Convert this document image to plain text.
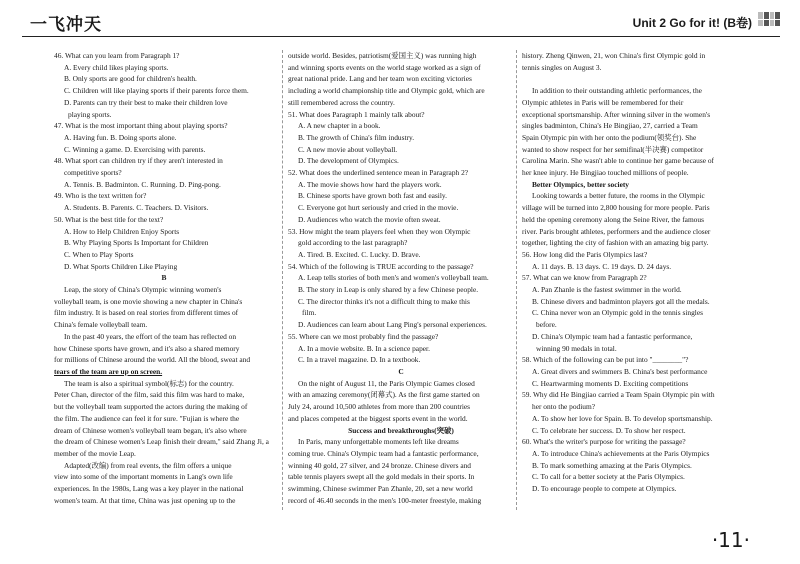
一飞冲天	Unit 2 Go for it! (B卷)
46. What can you learn from Paragraph 1?
A. Every child likes playing sports.
B. Only sports are good for children's health.
C. Children will like playing sports if their parents force them.
D. Parents can try their best to make their children love
playing sports.
47. What is the most important thing about playing sports?
A. Having fun. B. Doing sports alone.
C. Winning a game. D. Exercising with parents.
48. What sport can children try if they aren't interested in
competitive sports?
A. Tennis. B. Badminton. C. Running. D. Ping-pong.
49. Who is the text written for?
A. Students. B. Parents. C. Teachers. D. Visitors.
50. What is the best title for the text?
A. How to Help Children Enjoy Sports
B. Why Playing Sports Is Important for Children
C. When to Play Sports
D. What Sports Children Like Playing
B
Leap, the story of China's Olympic winning women's
volleyball team, is one movie showing a new chapter in China's
film industry. It is based on real stories from different times of
China's female volleyball team.
In the past 40 years, the effort of the team has reflected on
how Chinese sports have grown, and it's also a shared memory
for millions of Chinese around the world. All the blood, sweat and
tears of the team are up on screen.
The team is also a spiritual symbol(标志) for the country.
Peter Chan, director of the film, said this film was hard to make,
but the volleyball team supported the actors during the making of
the film. The audience can feel it for sure. "Fujian is where the
dream of Chinese women's volleyball team began, it's also where
the dream of Chinese women's Leap finish their dream," said Zhang Ji, a
member of the movie Leap.
Adapted(改编) from real events, the film offers a unique
view into some of the important moments in Lang's own life
experiences. In the 1980s, Lang was a key player in the national
women's team. At that time, China was just opening up to the
outside world. Besides, patriotism(爱国主义) was running high
and winning sports events on the world stage worked as a sign of
great national pride. Lang and her team won exciting victories
including a world championship title and Olympic gold, which are
still remembered across the country.
51. What does Paragraph 1 mainly talk about?
A. A new chapter in a book.
B. The growth of China's film industry.
C. A new movie about volleyball.
D. The development of Olympics.
52. What does the underlined sentence mean in Paragraph 2?
A. The movie shows how hard the players work.
B. Chinese sports have grown both fast and easily.
C. Everyone got hurt seriously and cried in the movie.
D. Audiences who watch the movie often sweat.
53. How might the team players feel when they won Olympic
gold according to the last paragraph?
A. Tired. B. Excited. C. Lucky. D. Brave.
54. Which of the following is TRUE according to the passage?
A. Leap tells stories of both men's and women's volleyball team.
B. The story in Leap is only shared by a few Chinese people.
C. The director thinks it's not a difficult thing to make this
film.
D. Audiences can learn about Lang Ping's personal experiences.
55. Where can we most probably find the passage?
A. In a movie website. B. In a science paper.
C. In a travel magazine. D. In a textbook.
C
On the night of August 11, the Paris Olympic Games closed
with an amazing ceremony(闭幕式). As the first game started on
July 24, around 10,500 athletes from more than 200 countries
and places competed at the biggest sports event in the world.
Success and breakthroughs(突破)
In Paris, many unforgettable moments left like dreams
coming true. China's Olympic team had a fantastic performance,
winning 40 gold, 27 silver, and 24 bronze. Chinese divers and
table tennis players swept all the gold medals in their sports. In
swimming, Chinese swimmer Pan Zhanle, 20, set a new world
record of 46.40 seconds in the men's 100-meter freestyle, making
history. Zheng Qinwen, 21, won China's first Olympic gold in
tennis singles on August 3.

In addition to their outstanding athletic performances, the
Olympic athletes in Paris will be remembered for their
exceptional sportsmanship. After winning silver in the women's
singles badminton, China's He Bingjiao, 27, carried a Team
Spain Olympic pin with her onto the podium(领奖台). She
wanted to show respect for her semifinal(半决赛) competitor
Carolina Marin. She wasn't able to continue her game because of
her knee injury. He Bingjiao touched millions of people.
Better Olympics, better society
Looking towards a better future, the rooms in the Olympic
village will be turned into 2,800 housing for more people. Paris
held the opening ceremony along the Seine River, the famous
river. Paris brought athletes, performers and the audience closer
together, lighting the city of fashion with an amazing big party.
56. How long did the Paris Olympics last?
A. 11 days. B. 13 days. C. 19 days. D. 24 days.
57. What can we know from Paragraph 2?
A. Pan Zhanle is the fastest swimmer in the world.
B. Chinese divers and badminton players got all the medals.
C. China never won an Olympic gold in the tennis singles
before.
D. China's Olympic team had a fantastic performance,
winning 90 medals in total.
58. Which of the following can be put into "________"?
A. Great divers and swimmers B. China's best performance
C. Heartwarming moments D. Exciting competitions
59. Why did He Bingjiao carried a Team Spain Olympic pin with
her onto the podium?
A. To show her love for Spain. B. To develop sportsmanship.
C. To celebrate her success. D. To show her respect.
60. What's the writer's purpose for writing the passage?
A. To introduce China's achievements at the Paris Olympics
B. To mark something amazing at the Paris Olympics.
C. To call for a better society at the Paris Olympics.
D. To encourage people to compete at Olympics.
·11·
